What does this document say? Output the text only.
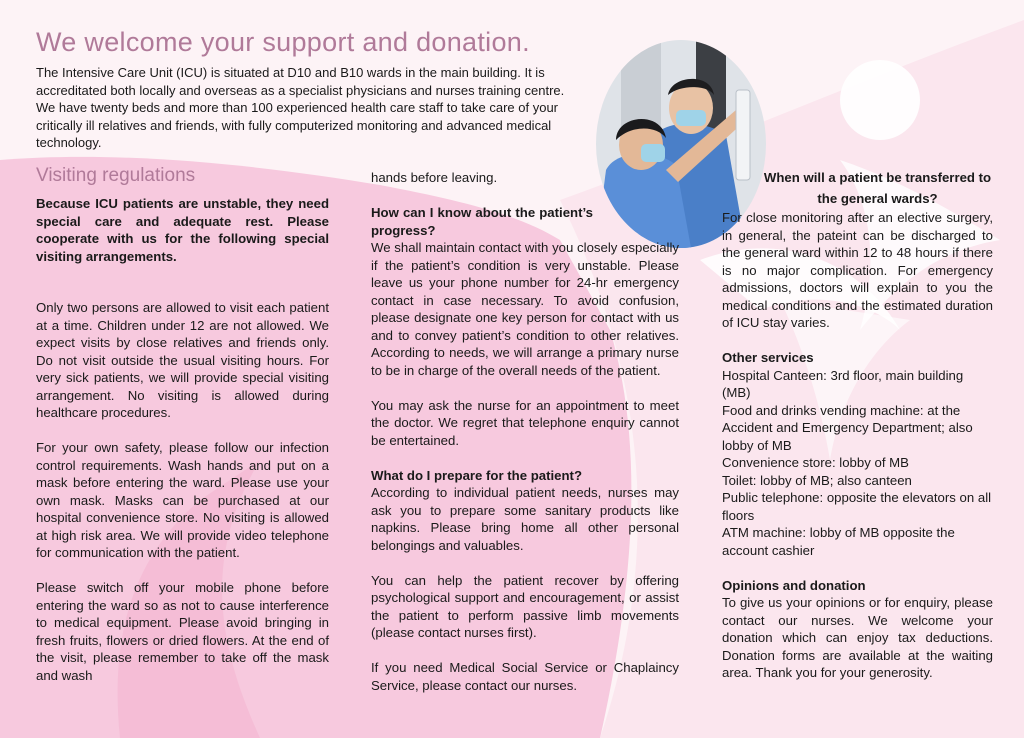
We welcome your support and donation.
The Intensive Care Unit (ICU) is situated at D10 and B10 wards in the main building. It is accreditated both locally and overseas as a specialist physicians and nurses training centre. We have twenty beds and more than 100 experienced health care staff to take care of your critically ill relatives and friends, with fully computerized monitoring and advanced medical technology.
Visiting regulations

Because ICU patients are unstable, they need special care and adequate rest. Please cooperate with us for the following special visiting arrangements.

Only two persons are allowed to visit each patient at a time. Children under 12 are not allowed. We expect visits by close relatives and friends only. Do not visit outside the usual visiting hours. For very sick patients, we will provide special visiting arrangement. No visiting is allowed during healthcare procedures.

For your own safety, please follow our infection control requirements. Wash hands and put on a mask before entering the ward. Please use your own mask. Masks can be purchased at our hospital convenience store. No visiting is allowed at high risk area. We will provide video telephone for communication with the patient.

Please switch off your mobile phone before entering the ward so as not to cause interference to medical equipment. Please avoid bringing in fresh fruits, flowers or dried flowers. At the end of the visit, please remember to take off the mask and wash

hands before leaving.

How can I know about the patient’s progress?

We shall maintain contact with you closely especially if the patient’s condition is very unstable. Please leave us your phone number for 24-hr emergency contact in case necessary. To avoid confusion, please designate one key person for contact with us and to convey patient’s condition to other relatives. According to needs, we will arrange a primary nurse to be in charge of the overall needs of the patient.

You may ask the nurse for an appointment to meet the doctor. We regret that telephone enquiry cannot be entertained.

What do I prepare for the patient?

According to individual patient needs, nurses may ask you to prepare some sanitary products like napkins. Please bring home all other personal belongings and valuables.

You can help the patient recover by offering psychological support and encouragement, or assist the patient to perform passive limb movements (please contact nurses first).

If you need Medical Social Service or Chaplaincy Service, please contact our nurses.

When will a patient be transferred to the general wards?

For close monitoring after an elective surgery, in general, the pateint can be discharged to the general ward within 12 to 48 hours if there is no major complication. For emergency admissions, doctors will explain to you the medical conditions and the estimated duration of ICU stay varies.

Other services

Hospital Canteen: 3rd floor, main building (MB)
Food and drinks vending machine: at the Accident and Emergency Department; also lobby of MB
Convenience store: lobby of MB
Toilet: lobby of MB; also canteen
Public telephone: opposite the elevators on all floors
ATM machine: lobby of MB opposite the account cashier

Opinions and donation

To give us your opinions or for enquiry, please contact our nurses. We welcome your donation which can enjoy tax deductions. Donation forms are available at the waiting area. Thank you for your generosity.
